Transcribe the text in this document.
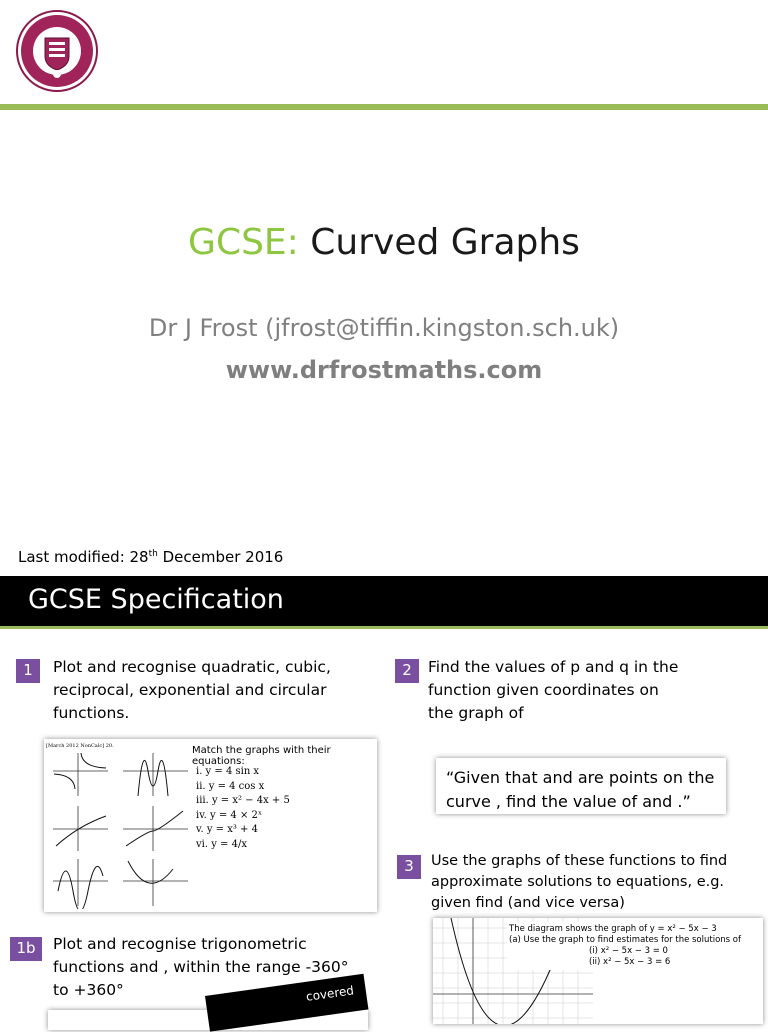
GCSE: Curved Graphs
Dr J Frost (jfrost@tiffin.kingston.sch.uk)
www.drfrostmaths.com
Last modified: 28th December 2016
GCSE Specification
1	Plot and recognise quadratic, cubic, reciprocal, exponential and circular functions.
[March 2012 NonCalc] 20.	Match the graphs with their equations:
i. y = 4 sin x
ii. y = 4 cos x
iii. y = x² − 4x + 5
iv. y = 4 × 2ˣ
v. y = x³ + 4
vi. y = 4/x
2	Find the values of p and q in the function given coordinates on the graph of
“Given that and are points on the curve , find the value of and .”
3	Use the graphs of these functions to find approximate solutions to equations, e.g. given find (and vice versa)
The diagram shows the graph of y = x² − 5x − 3
(a) Use the graph to find estimates for the solutions of
(i) x² − 5x − 3 = 0
(ii) x² − 5x − 3 = 6
1b	Plot and recognise trigonometric functions and , within the range -360° to +360°	covered
